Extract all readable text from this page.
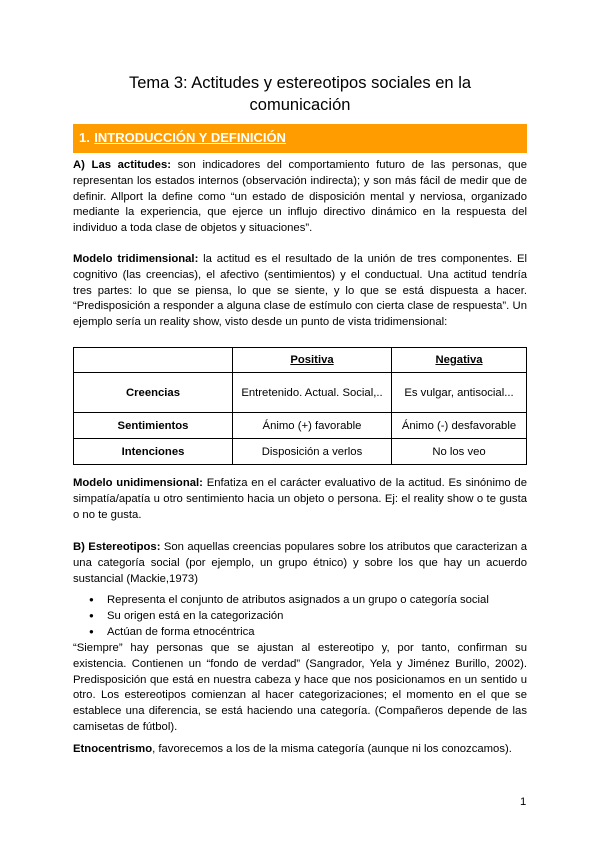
Tema 3: Actitudes y estereotipos sociales en la
comunicación
1. INTRODUCCIÓN Y DEFINICIÓN
A) Las actitudes: son indicadores del comportamiento futuro de las personas, que representan los estados internos (observación indirecta); y son más fácil de medir que de definir. Allport la define como “un estado de disposición mental y nerviosa, organizado mediante la experiencia, que ejerce un influjo directivo dinámico en la respuesta del individuo a toda clase de objetos y situaciones”.
Modelo tridimensional: la actitud es el resultado de la unión de tres componentes. El cognitivo (las creencias), el afectivo (sentimientos) y el conductual. Una actitud tendría tres partes: lo que se piensa, lo que se siente, y lo que se está dispuesta a hacer. “Predisposición a responder a alguna clase de estímulo con cierta clase de respuesta”. Un ejemplo sería un reality show, visto desde un punto de vista tridimensional:
	Positiva	Negativa
Creencias	Entretenido. Actual. Social,..	Es vulgar, antisocial...
Sentimientos	Ánimo (+) favorable	Ánimo (-) desfavorable
Intenciones	Disposición a verlos	No los veo
Modelo unidimensional: Enfatiza en el carácter evaluativo de la actitud. Es sinónimo de simpatía/apatía u otro sentimiento hacia un objeto o persona. Ej: el reality show o te gusta o no te gusta.
B) Estereotipos: Son aquellas creencias populares sobre los atributos que caracterizan a una categoría social (por ejemplo, un grupo étnico) y sobre los que hay un acuerdo sustancial (Mackie,1973)
● Representa el conjunto de atributos asignados a un grupo o categoría social
● Su origen está en la categorización
● Actúan de forma etnocéntrica
“Siempre” hay personas que se ajustan al estereotipo y, por tanto, confirman su existencia. Contienen un “fondo de verdad” (Sangrador, Yela y Jiménez Burillo, 2002). Predisposición que está en nuestra cabeza y hace que nos posicionamos en un sentido u otro. Los estereotipos comienzan al hacer categorizaciones; el momento en el que se establece una diferencia, se está haciendo una categoría. (Compañeros depende de las camisetas de fútbol).
Etnocentrismo, favorecemos a los de la misma categoría (aunque ni los conozcamos).
1
